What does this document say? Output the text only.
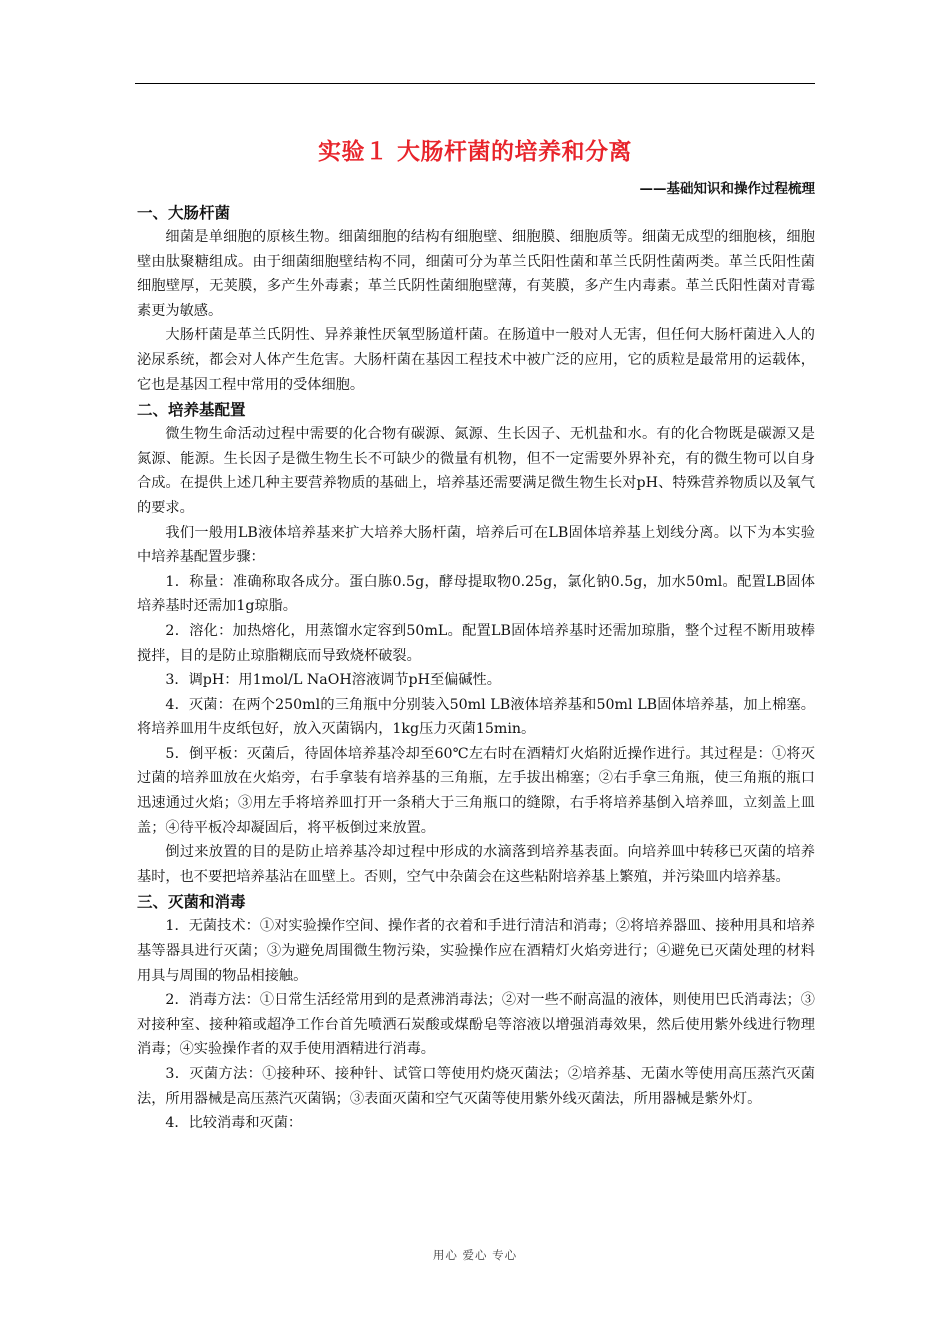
实验１ 大肠杆菌的培养和分离
——基础知识和操作过程梳理
一、大肠杆菌

细菌是单细胞的原核生物。细菌细胞的结构有细胞壁、细胞膜、细胞质等。细菌无成型的细胞核，细胞壁由肽聚糖组成。由于细菌细胞壁结构不同，细菌可分为革兰氏阳性菌和革兰氏阴性菌两类。革兰氏阳性菌细胞壁厚，无荚膜，多产生外毒素；革兰氏阴性菌细胞壁薄，有荚膜，多产生内毒素。革兰氏阳性菌对青霉素更为敏感。

大肠杆菌是革兰氏阴性、异养兼性厌氧型肠道杆菌。在肠道中一般对人无害，但任何大肠杆菌进入人的泌尿系统，都会对人体产生危害。大肠杆菌在基因工程技术中被广泛的应用，它的质粒是最常用的运载体，它也是基因工程中常用的受体细胞。

二、培养基配置

微生物生命活动过程中需要的化合物有碳源、氮源、生长因子、无机盐和水。有的化合物既是碳源又是氮源、能源。生长因子是微生物生长不可缺少的微量有机物，但不一定需要外界补充，有的微生物可以自身合成。在提供上述几种主要营养物质的基础上，培养基还需要满足微生物生长对pH、特殊营养物质以及氧气的要求。

我们一般用LB液体培养基来扩大培养大肠杆菌，培养后可在LB固体培养基上划线分离。以下为本实验中培养基配置步骤：

1．称量：准确称取各成分。蛋白胨0.5g，酵母提取物0.25g，氯化钠0.5g，加水50ml。配置LB固体培养基时还需加1g琼脂。

2．溶化：加热熔化，用蒸馏水定容到50mL。配置LB固体培养基时还需加琼脂，整个过程不断用玻棒搅拌，目的是防止琼脂糊底而导致烧杯破裂。

3．调pH：用1mol/L NaOH溶液调节pH至偏碱性。

4．灭菌：在两个250ml的三角瓶中分别装入50ml LB液体培养基和50ml LB固体培养基，加上棉塞。将培养皿用牛皮纸包好，放入灭菌锅内，1kg压力灭菌15min。

5．倒平板：灭菌后，待固体培养基冷却至60℃左右时在酒精灯火焰附近操作进行。其过程是：①将灭过菌的培养皿放在火焰旁，右手拿装有培养基的三角瓶，左手拔出棉塞；②右手拿三角瓶，使三角瓶的瓶口迅速通过火焰；③用左手将培养皿打开一条稍大于三角瓶口的缝隙，右手将培养基倒入培养皿，立刻盖上皿盖；④待平板冷却凝固后，将平板倒过来放置。

倒过来放置的目的是防止培养基冷却过程中形成的水滴落到培养基表面。向培养皿中转移已灭菌的培养基时，也不要把培养基沾在皿壁上。否则，空气中杂菌会在这些粘附培养基上繁殖，并污染皿内培养基。

三、灭菌和消毒

1．无菌技术：①对实验操作空间、操作者的衣着和手进行清洁和消毒；②将培养器皿、接种用具和培养基等器具进行灭菌；③为避免周围微生物污染，实验操作应在酒精灯火焰旁进行；④避免已灭菌处理的材料用具与周围的物品相接触。

2．消毒方法：①日常生活经常用到的是煮沸消毒法；②对一些不耐高温的液体，则使用巴氏消毒法；③对接种室、接种箱或超净工作台首先喷洒石炭酸或煤酚皂等溶液以增强消毒效果，然后使用紫外线进行物理消毒；④实验操作者的双手使用酒精进行消毒。

3．灭菌方法：①接种环、接种针、试管口等使用灼烧灭菌法；②培养基、无菌水等使用高压蒸汽灭菌法，所用器械是高压蒸汽灭菌锅；③表面灭菌和空气灭菌等使用紫外线灭菌法，所用器械是紫外灯。

4．比较消毒和灭菌：

用心 爱心 专心
